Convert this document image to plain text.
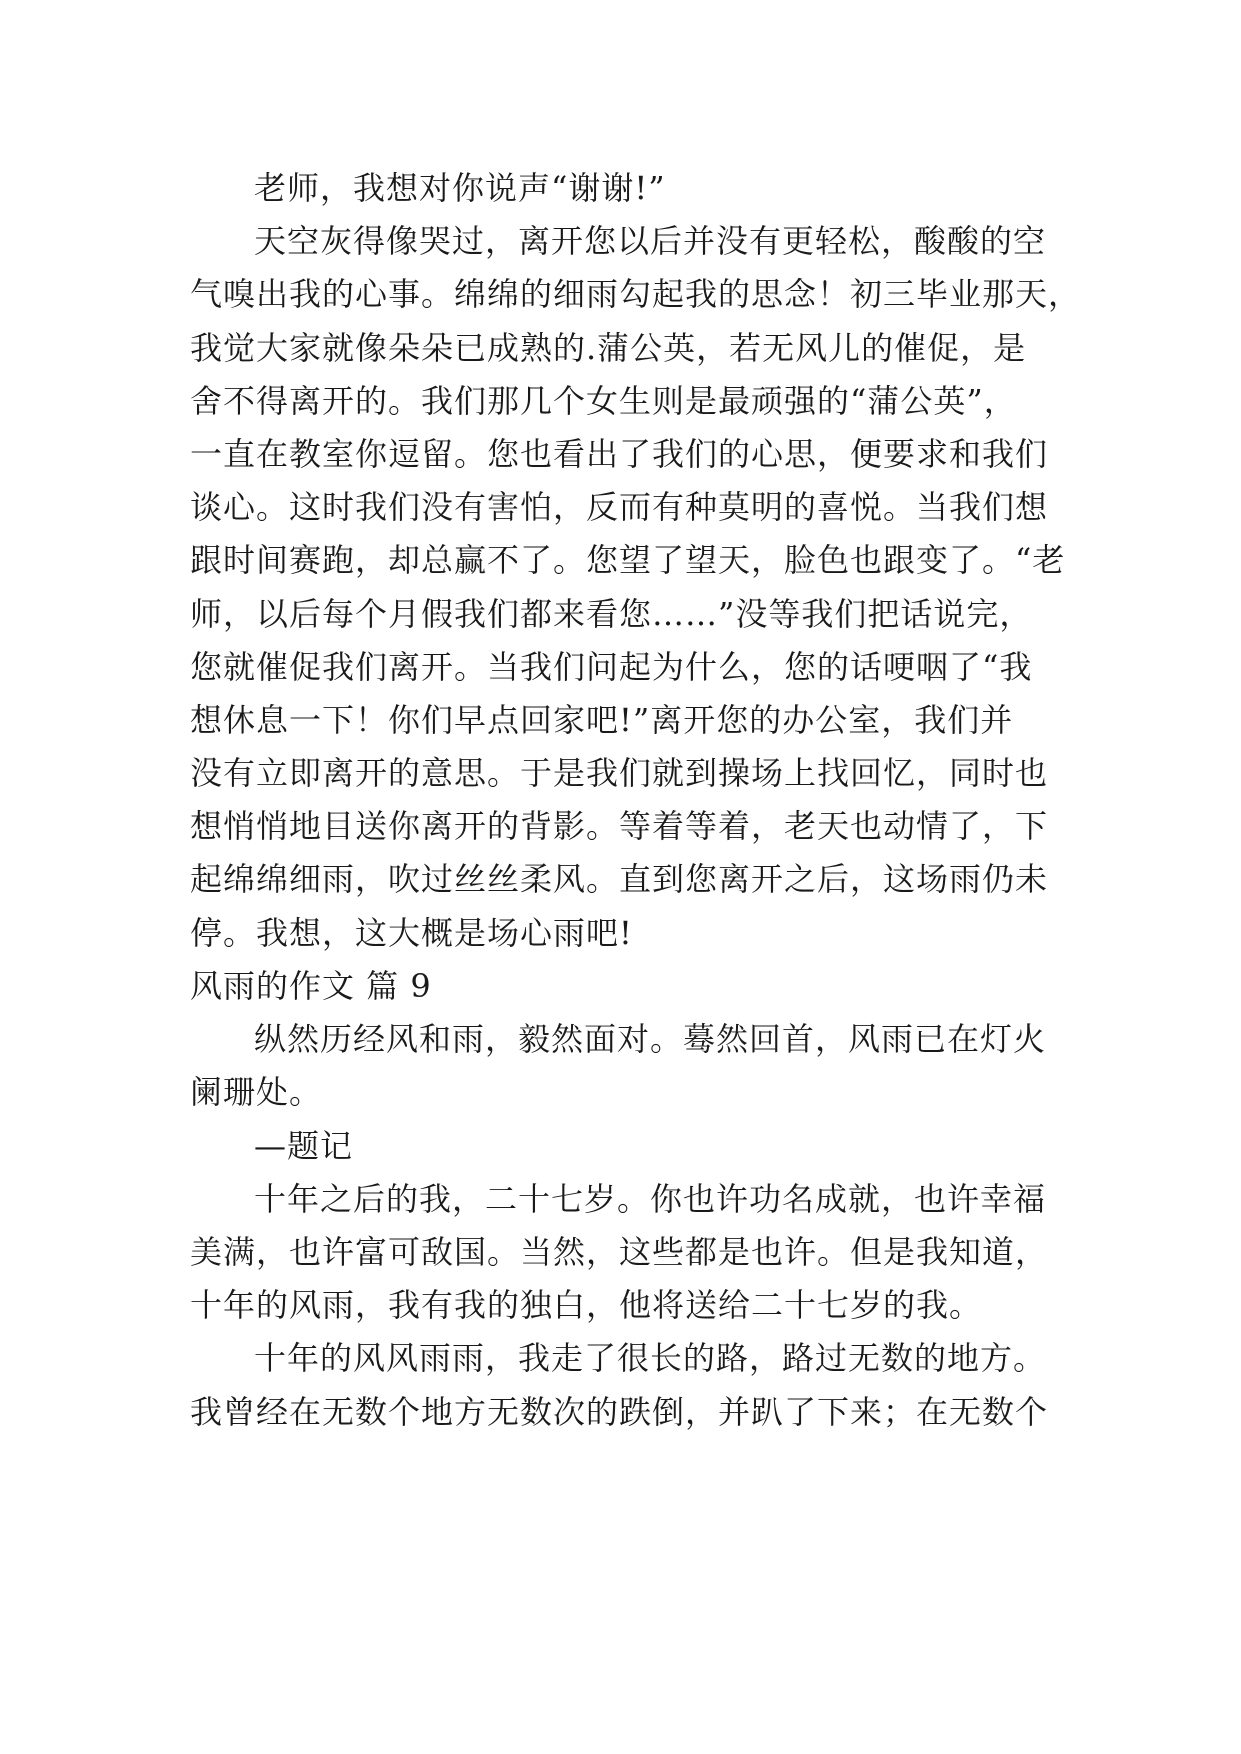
老师，我想对你说声“谢谢!”
天空灰得像哭过，离开您以后并没有更轻松，酸酸的空
气嗅出我的心事。绵绵的细雨勾起我的思念！初三毕业那天，
我觉大家就像朵朵已成熟的.蒲公英，若无风儿的催促，是
舍不得离开的。我们那几个女生则是最顽强的“蒲公英”，
一直在教室你逗留。您也看出了我们的心思，便要求和我们
谈心。这时我们没有害怕，反而有种莫明的喜悦。当我们想
跟时间赛跑，却总赢不了。您望了望天，脸色也跟变了。“老
师，以后每个月假我们都来看您……”没等我们把话说完，
您就催促我们离开。当我们问起为什么，您的话哽咽了“我
想休息一下！你们早点回家吧!”离开您的办公室，我们并
没有立即离开的意思。于是我们就到操场上找回忆，同时也
想悄悄地目送你离开的背影。等着等着，老天也动情了，下
起绵绵细雨，吹过丝丝柔风。直到您离开之后，这场雨仍未
停。我想，这大概是场心雨吧!
风雨的作文 篇 9
纵然历经风和雨，毅然面对。蓦然回首，风雨已在灯火
阑珊处。
—题记
十年之后的我，二十七岁。你也许功名成就，也许幸福
美满，也许富可敌国。当然，这些都是也许。但是我知道，
十年的风雨，我有我的独白，他将送给二十七岁的我。
十年的风风雨雨，我走了很长的路，路过无数的地方。
我曾经在无数个地方无数次的跌倒，并趴了下来；在无数个
